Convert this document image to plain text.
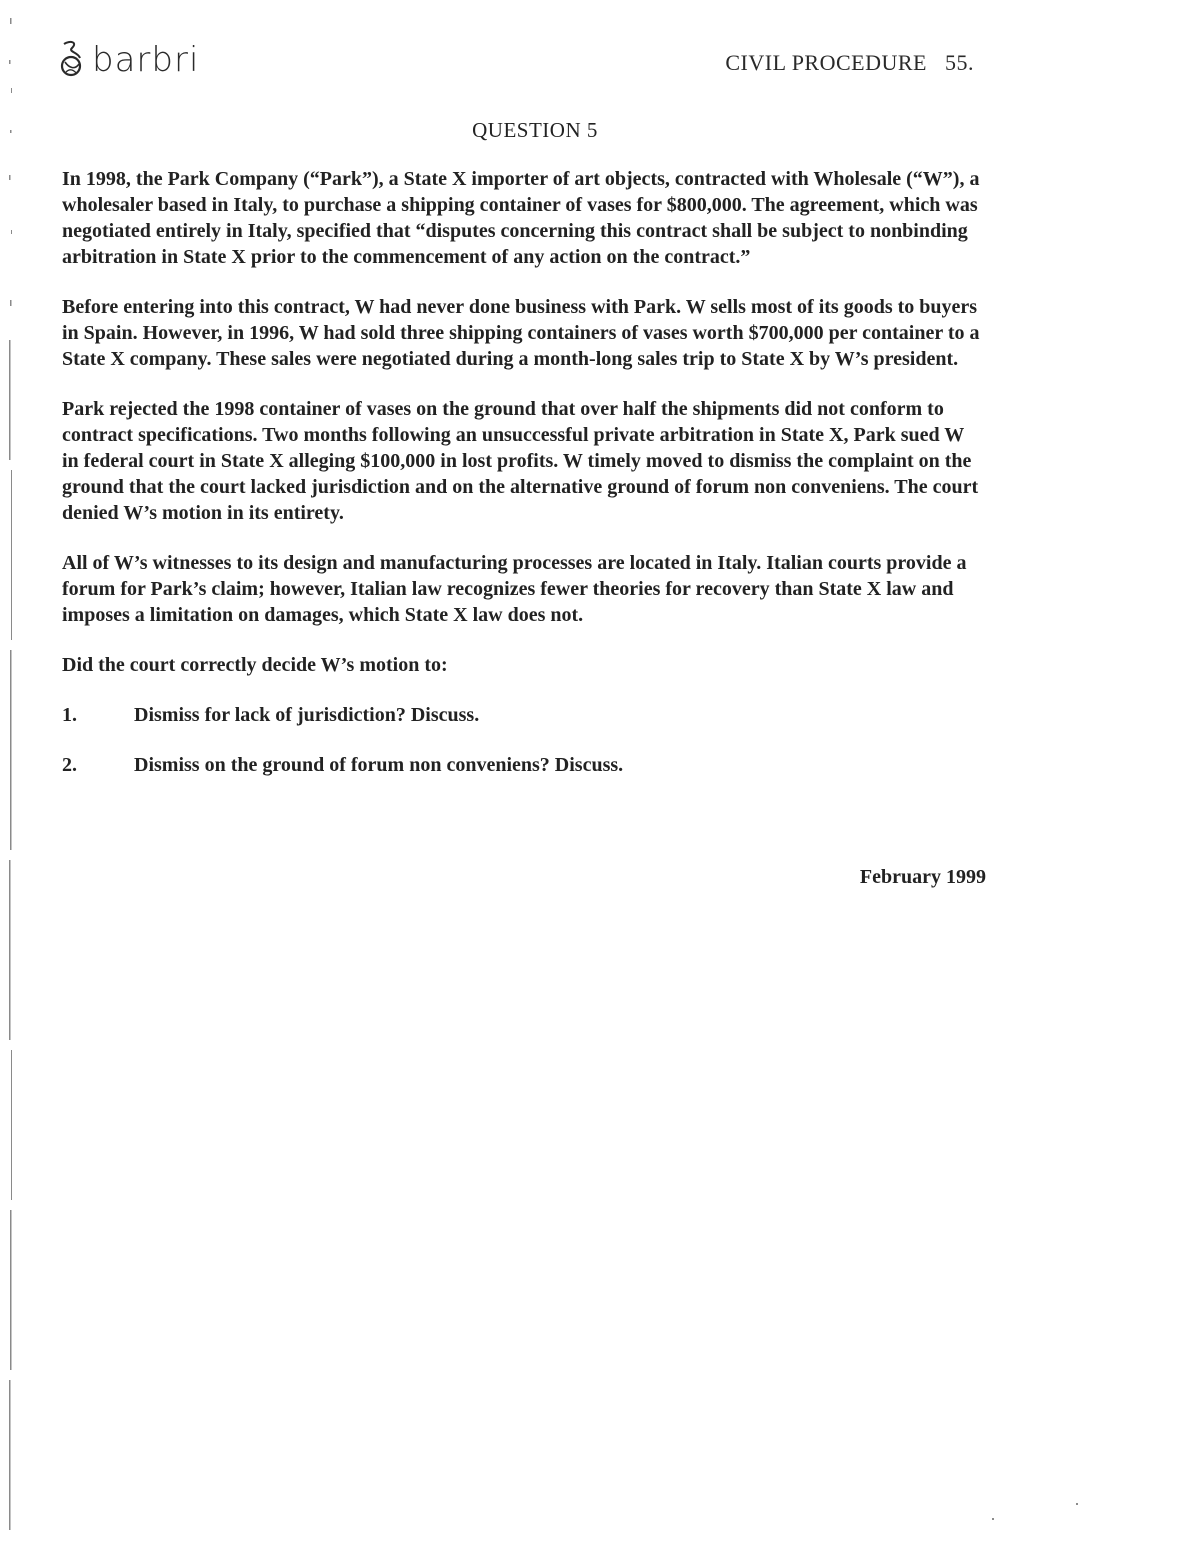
barbri	CIVIL PROCEDURE   55.
QUESTION 5

In 1998, the Park Company (“Park”), a State X importer of art objects, contracted with Wholesale (“W”), a wholesaler based in Italy, to purchase a shipping container of vases for $800,000. The agreement, which was negotiated entirely in Italy, specified that “disputes concerning this contract shall be subject to nonbinding arbitration in State X prior to the commencement of any action on the contract.”

Before entering into this contract, W had never done business with Park. W sells most of its goods to buyers in Spain. However, in 1996, W had sold three shipping containers of vases worth $700,000 per container to a State X company. These sales were negotiated during a month-long sales trip to State X by W’s president.

Park rejected the 1998 container of vases on the ground that over half the shipments did not conform to contract specifications. Two months following an unsuccessful private arbitration in State X, Park sued W in federal court in State X alleging $100,000 in lost profits. W timely moved to dismiss the complaint on the ground that the court lacked jurisdiction and on the alternative ground of forum non conveniens. The court denied W’s motion in its entirety.

All of W’s witnesses to its design and manufacturing processes are located in Italy. Italian courts provide a forum for Park’s claim; however, Italian law recognizes fewer theories for recovery than State X law and imposes a limitation on damages, which State X law does not.

Did the court correctly decide W’s motion to:

1.	Dismiss for lack of jurisdiction? Discuss.
2.	Dismiss on the ground of forum non conveniens? Discuss.
February 1999
